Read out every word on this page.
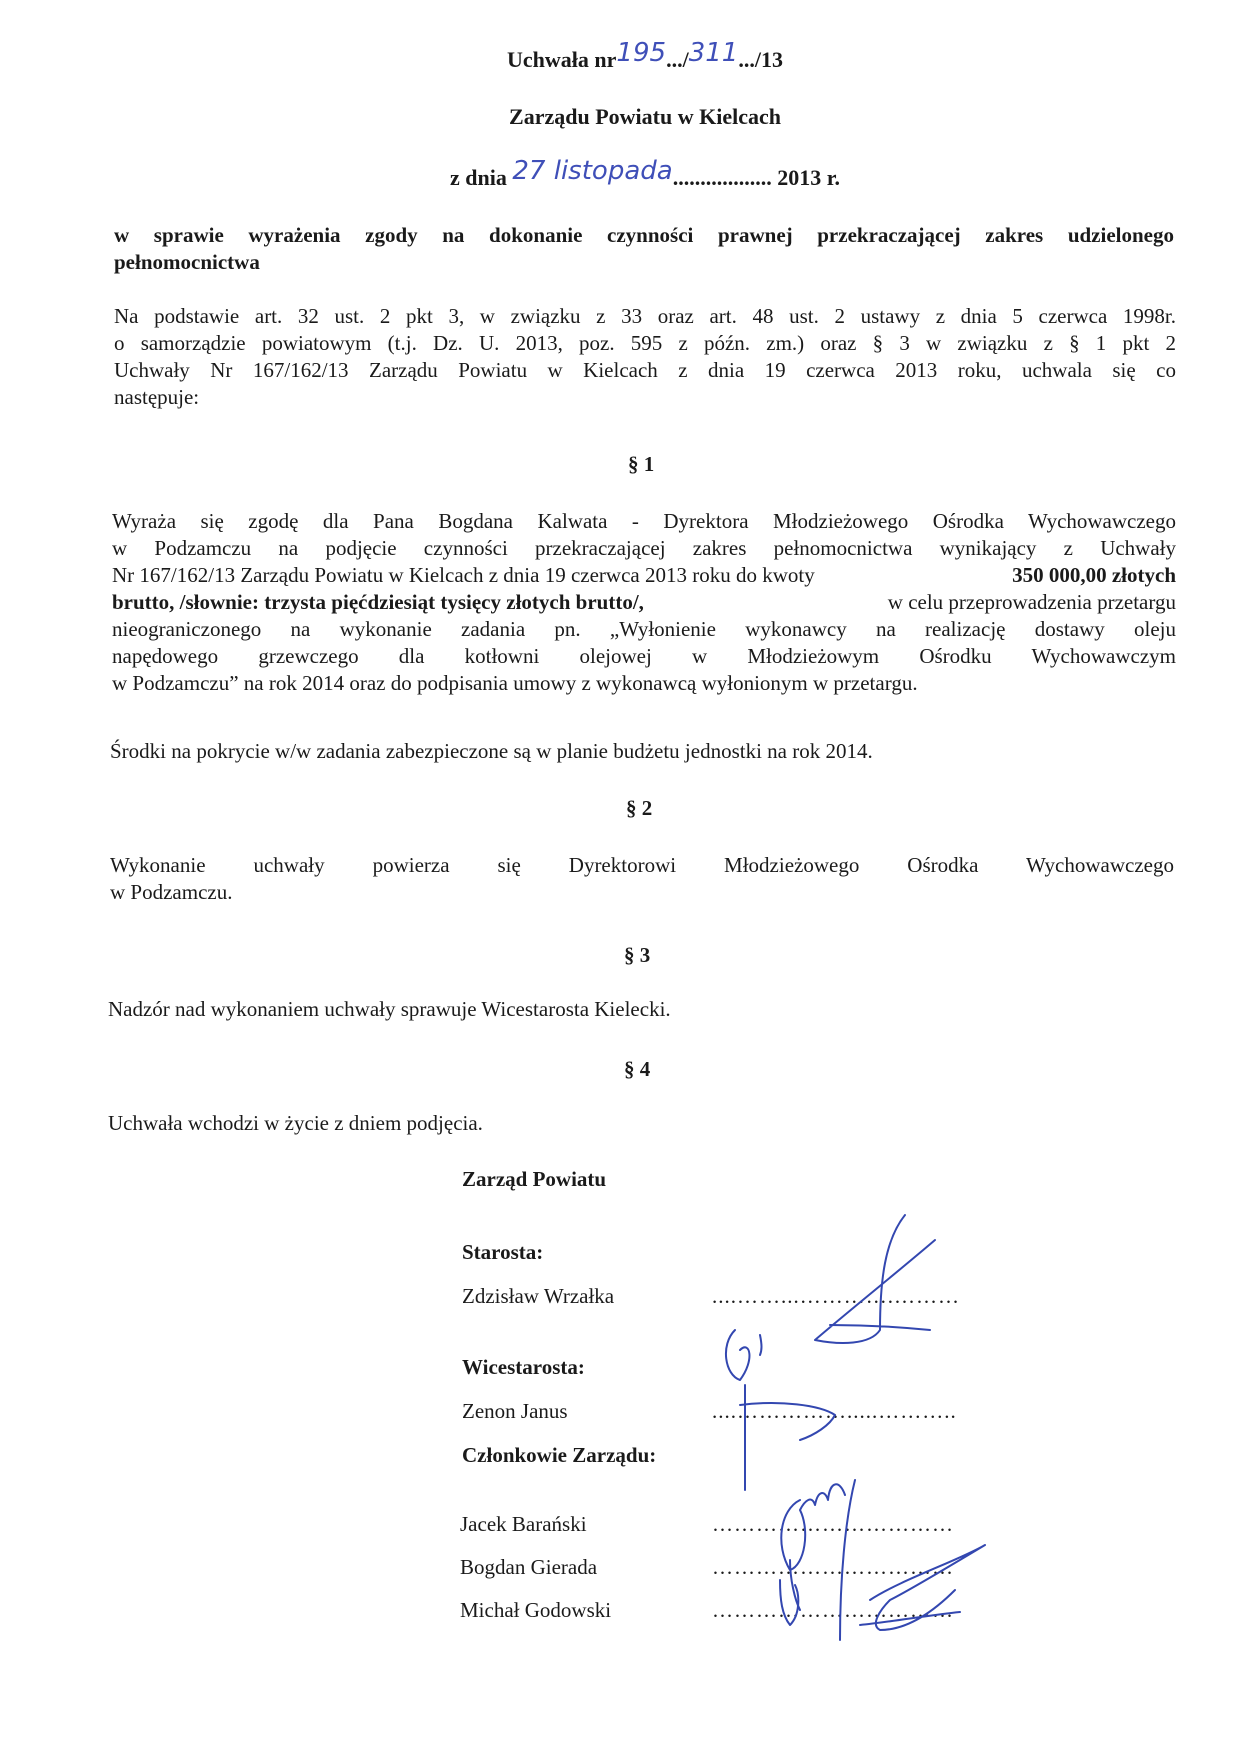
Uchwała nr195.../311.../13
Zarządu Powiatu w Kielcach
z dnia 27 listopada.................. 2013 r.
w sprawie wyrażenia zgody na dokonanie czynności prawnej przekraczającej zakres udzielonego
pełnomocnictwa
Na podstawie art. 32 ust. 2 pkt 3, w związku z 33 oraz art. 48 ust. 2 ustawy z dnia 5 czerwca 1998r.
o samorządzie powiatowym (t.j. Dz. U. 2013, poz. 595 z późn. zm.) oraz § 3 w związku z § 1 pkt 2
Uchwały Nr 167/162/13 Zarządu Powiatu w Kielcach z dnia 19 czerwca 2013 roku, uchwala się co
następuje:
§ 1
Wyraża się zgodę dla Pana Bogdana Kalwata - Dyrektora Młodzieżowego Ośrodka Wychowawczego
w Podzamczu na podjęcie czynności przekraczającej zakres pełnomocnictwa wynikający z Uchwały
Nr 167/162/13 Zarządu Powiatu w Kielcach z dnia 19 czerwca 2013 roku do kwoty	350 000,00 złotych
brutto, /słownie: trzysta pięćdziesiąt tysięcy złotych brutto/,	w celu przeprowadzenia przetargu
nieograniczonego na wykonanie zadania pn. „Wyłonienie wykonawcy na realizację dostawy oleju
napędowego grzewczego dla kotłowni olejowej w Młodzieżowym Ośrodku Wychowawczym
w Podzamczu” na rok 2014 oraz do podpisania umowy z wykonawcą wyłonionym w przetargu.
Środki na pokrycie w/w zadania zabezpieczone są w planie budżetu jednostki na rok 2014.
§ 2
Wykonanie uchwały powierza się Dyrektorowi Młodzieżowego Ośrodka Wychowawczego
w Podzamczu.
§ 3
Nadzór nad wykonaniem uchwały sprawuje Wicestarosta Kielecki.
§ 4
Uchwała wchodzi w życie z dniem podjęcia.
Zarząd Powiatu
Starosta:
Zdzisław Wrzałka	....……...………….………
Wicestarosta:
Zenon Janus	....…………….....………..
Członkowie Zarządu:
Jacek Barański	……………………………
Bogdan Gierada	……………………………
Michał Godowski	……………………………
